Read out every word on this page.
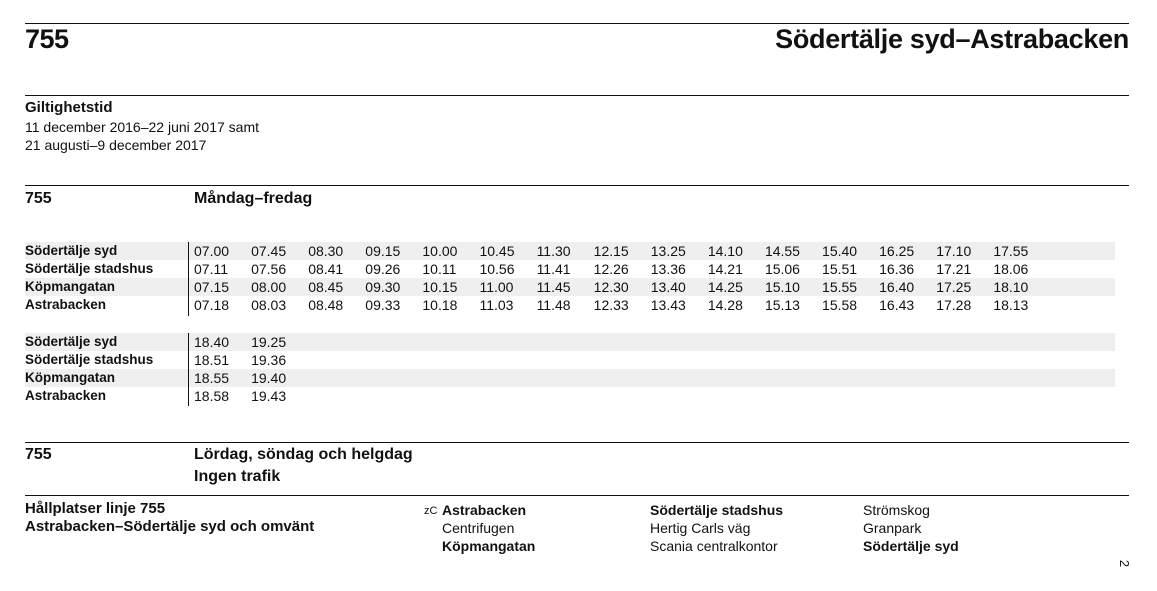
755	Södertälje syd–Astrabacken
Giltighetstid
11 december 2016–22 juni 2017 samt
21 augusti–9 december 2017
755	Måndag–fredag
Södertälje syd	07.00	07.45	08.30	09.15	10.00	10.45	11.30	12.15	13.25	14.10	14.55	15.40	16.25	17.10	17.55
Södertälje stadshus	07.11	07.56	08.41	09.26	10.11	10.56	11.41	12.26	13.36	14.21	15.06	15.51	16.36	17.21	18.06
Köpmangatan	07.15	08.00	08.45	09.30	10.15	11.00	11.45	12.30	13.40	14.25	15.10	15.55	16.40	17.25	18.10
Astrabacken	07.18	08.03	08.48	09.33	10.18	11.03	11.48	12.33	13.43	14.28	15.13	15.58	16.43	17.28	18.13
Södertälje syd	18.40	19.25
Södertälje stadshus	18.51	19.36
Köpmangatan	18.55	19.40
Astrabacken	18.58	19.43
755	Lördag, söndag och helgdag
Ingen trafik
Hållplatser linje 755
Astrabacken–Södertälje syd och omvänt
zC Astrabacken
Centrifugen
Köpmangatan
Södertälje stadshus
Hertig Carls väg
Scania centralkontor
Strömskog
Granpark
Södertälje syd
2
